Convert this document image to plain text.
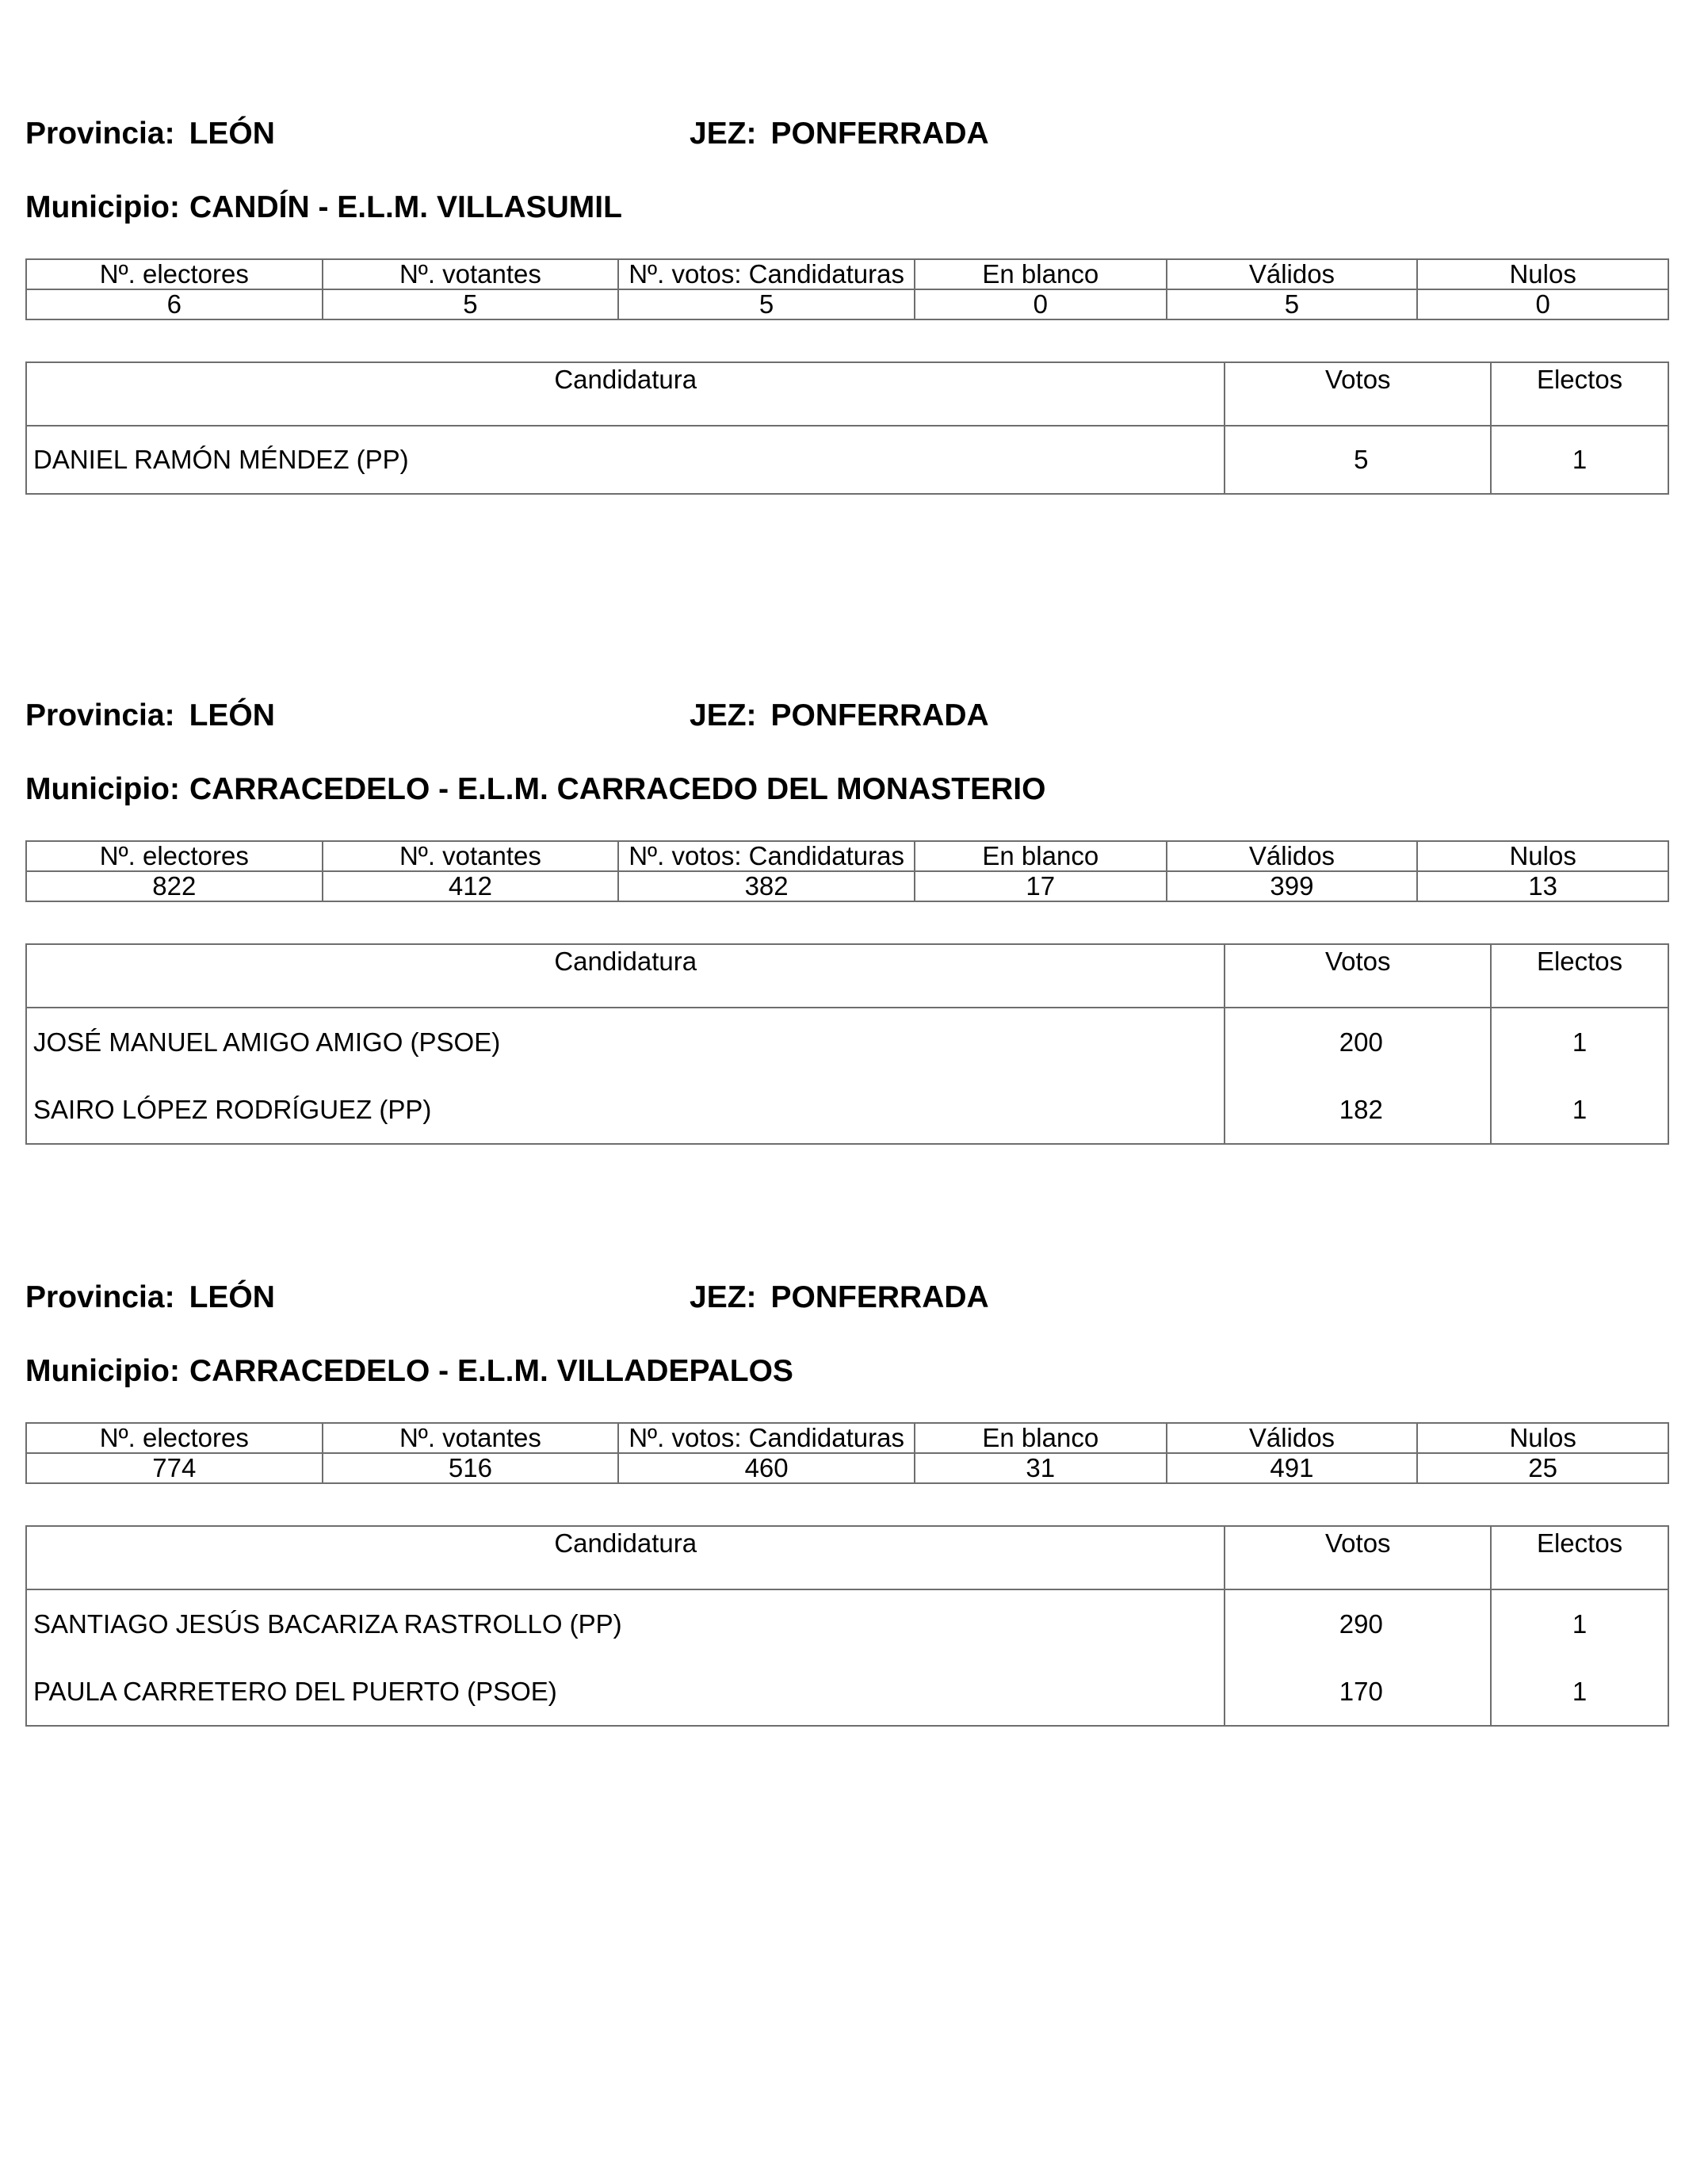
Provincia: LEÓN	JEZ: PONFERRADA
Municipio: CANDÍN - E.L.M. VILLASUMIL
Nº. electores	Nº. votantes	Nº. votos: Candidaturas	En blanco	Válidos	Nulos
6	5	5	0	5	0
Candidatura	Votos	Electos
DANIEL RAMÓN MÉNDEZ (PP)	5	1
Provincia: LEÓN	JEZ: PONFERRADA
Municipio: CARRACEDELO - E.L.M. CARRACEDO DEL MONASTERIO
Nº. electores	Nº. votantes	Nº. votos: Candidaturas	En blanco	Válidos	Nulos
822	412	382	17	399	13
Candidatura	Votos	Electos
JOSÉ MANUEL AMIGO AMIGO (PSOE)	200	1
SAIRO LÓPEZ RODRÍGUEZ (PP)	182	1
Provincia: LEÓN	JEZ: PONFERRADA
Municipio: CARRACEDELO - E.L.M. VILLADEPALOS
Nº. electores	Nº. votantes	Nº. votos: Candidaturas	En blanco	Válidos	Nulos
774	516	460	31	491	25
Candidatura	Votos	Electos
SANTIAGO JESÚS BACARIZA RASTROLLO (PP)	290	1
PAULA CARRETERO DEL PUERTO (PSOE)	170	1
